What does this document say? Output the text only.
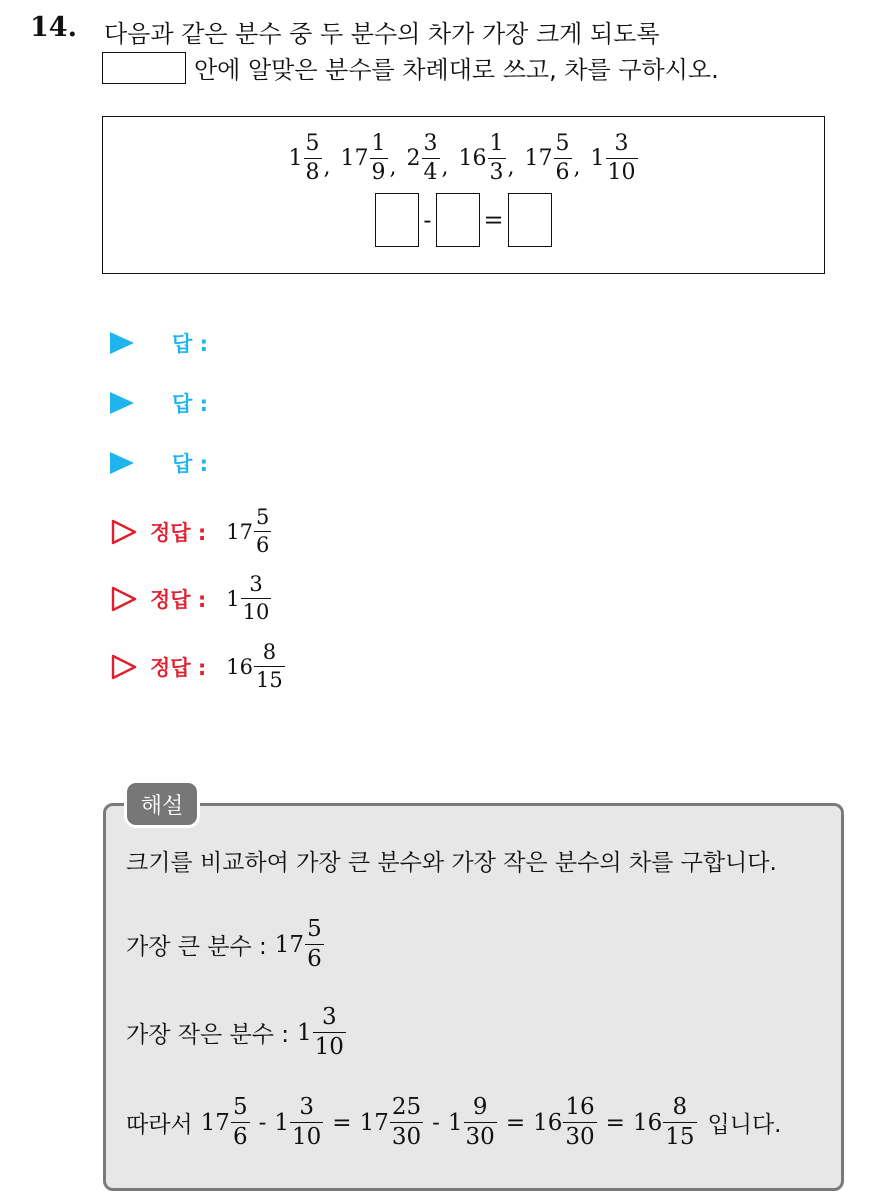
14. 다음과 같은 분수 중 두 분수의 차가 가장 크게 되도록
안에 알맞은 분수를 차례대로 쓰고, 차를 구하시오.
$1 \frac{5}{8}$ , $17 \frac{1}{9}$ , $2 \frac{3}{4}$ , $16 \frac{1}{3}$ , $17 \frac{5}{6}$ , $1 \frac{3}{10}$
- =
답 :
답 :
답 :
정답 : $17 \frac{5}{6}$
정답 : $1 \frac{3}{10}$
정답 : $16 \frac{8}{15}$
크기를 비교하여 가장 큰 분수와 가장 작은 분수의 차를 구합니다.
가장 큰 분수 : $17 \frac{5}{6}$
가장 작은 분수 : $1 \frac{3}{10}$
따라서 $17 \frac{5}{6} - 1 \frac{3}{10} = 17 \frac{25}{30} - 1 \frac{9}{30} = 16 \frac{16}{30} = 16 \frac{8}{15}$ 입니다.
해설
